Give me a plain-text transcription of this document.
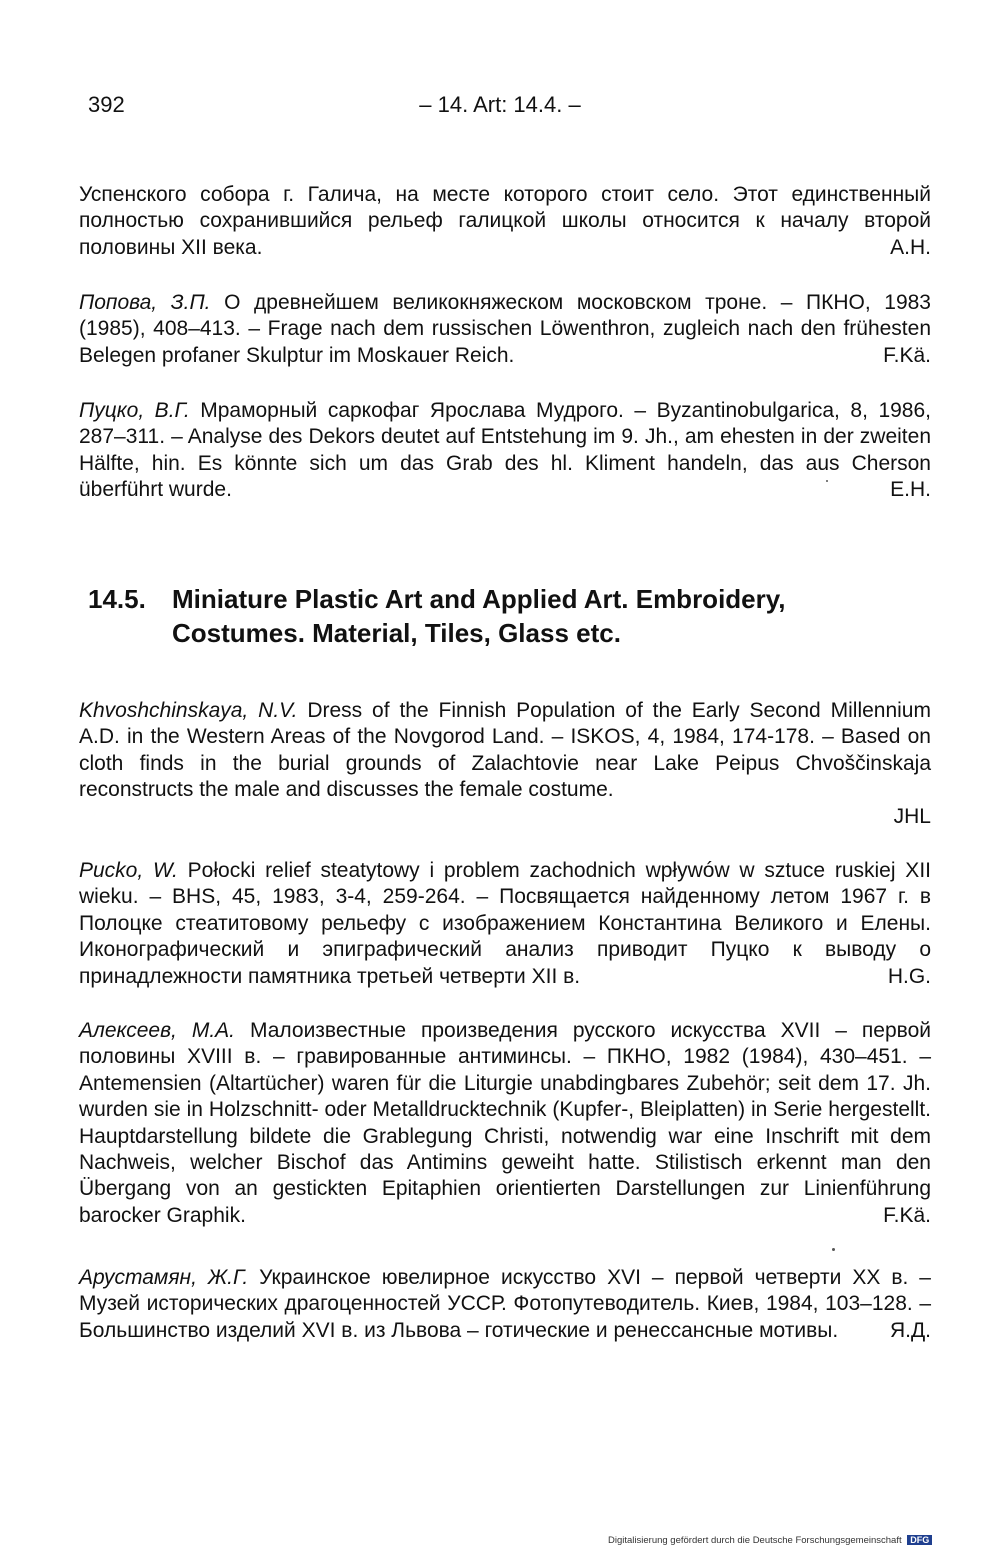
392	– 14. Art: 14.4. –
Успенского собора г. Галича, на месте которого стоит село. Этот единственный полностью сохранившийся рельеф галицкой школы относится к началу второй половины XII века.	А.Н.
Попова, З.П. О древнейшем великокняжеском московском троне. – ПКНО, 1983 (1985), 408–413. – Frage nach dem russischen Löwenthron, zugleich nach den frühesten Belegen profaner Skulptur im Moskauer Reich.	F.Kä.
Пуцко, В.Г. Мраморный саркофаг Ярослава Мудрого. – Byzantinobulgarica, 8, 1986, 287–311. – Analyse des Dekors deutet auf Entstehung im 9. Jh., am ehesten in der zweiten Hälfte, hin. Es könnte sich um das Grab des hl. Kliment handeln, das aus Cherson überführt wurde.	E.H.
14.5. Miniature Plastic Art and Applied Art. Embroidery,
Costumes. Material, Tiles, Glass etc.
Khvoshchinskaya, N.V. Dress of the Finnish Population of the Early Second Millennium A.D. in the Western Areas of the Novgorod Land. – ISKOS, 4, 1984, 174-178. – Based on cloth finds in the burial grounds of Zalachtovie near Lake Peipus Chvoščinskaja reconstructs the male and discusses the female costume.
JHL
Pucko, W. Połocki relief steatytowy i problem zachodnich wpływów w sztuce ruskiej XII wieku. – BHS, 45, 1983, 3-4, 259-264. – Посвящается найденному летом 1967 г. в Полоцке стеатитовому рельефу с изображением Константина Великого и Елены. Иконографический и эпиграфический анализ приводит Пуцко к выводу о принадлежности памятника третьей четверти XII в.	H.G.
Алексеев, М.А. Малоизвестные произведения русского искусства XVII – первой половины XVIII в. – гравированные антиминсы. – ПКНО, 1982 (1984), 430–451. – Antemensien (Altartücher) waren für die Liturgie unabdingbares Zubehör; seit dem 17. Jh. wurden sie in Holzschnitt- oder Metalldrucktechnik (Kupfer-, Bleiplatten) in Serie hergestellt. Hauptdarstellung bildete die Grablegung Christi, notwendig war eine Inschrift mit dem Nachweis, welcher Bischof das Antimins geweiht hatte. Stilistisch erkennt man den Übergang von an gestickten Epitaphien orientierten Darstellungen zur Linienführung barocker Graphik.	F.Kä.
Арустамян, Ж.Г. Украинское ювелирное искусство XVI – первой четверти XX в. – Музей исторических драгоценностей УССР. Фотопутеводитель. Киев, 1984, 103–128. – Большинство изделий XVI в. из Львова – готические и ренессансные мотивы. Я.Д.
Digitalisierung gefördert durch die Deutsche Forschungsgemeinschaft DFG
